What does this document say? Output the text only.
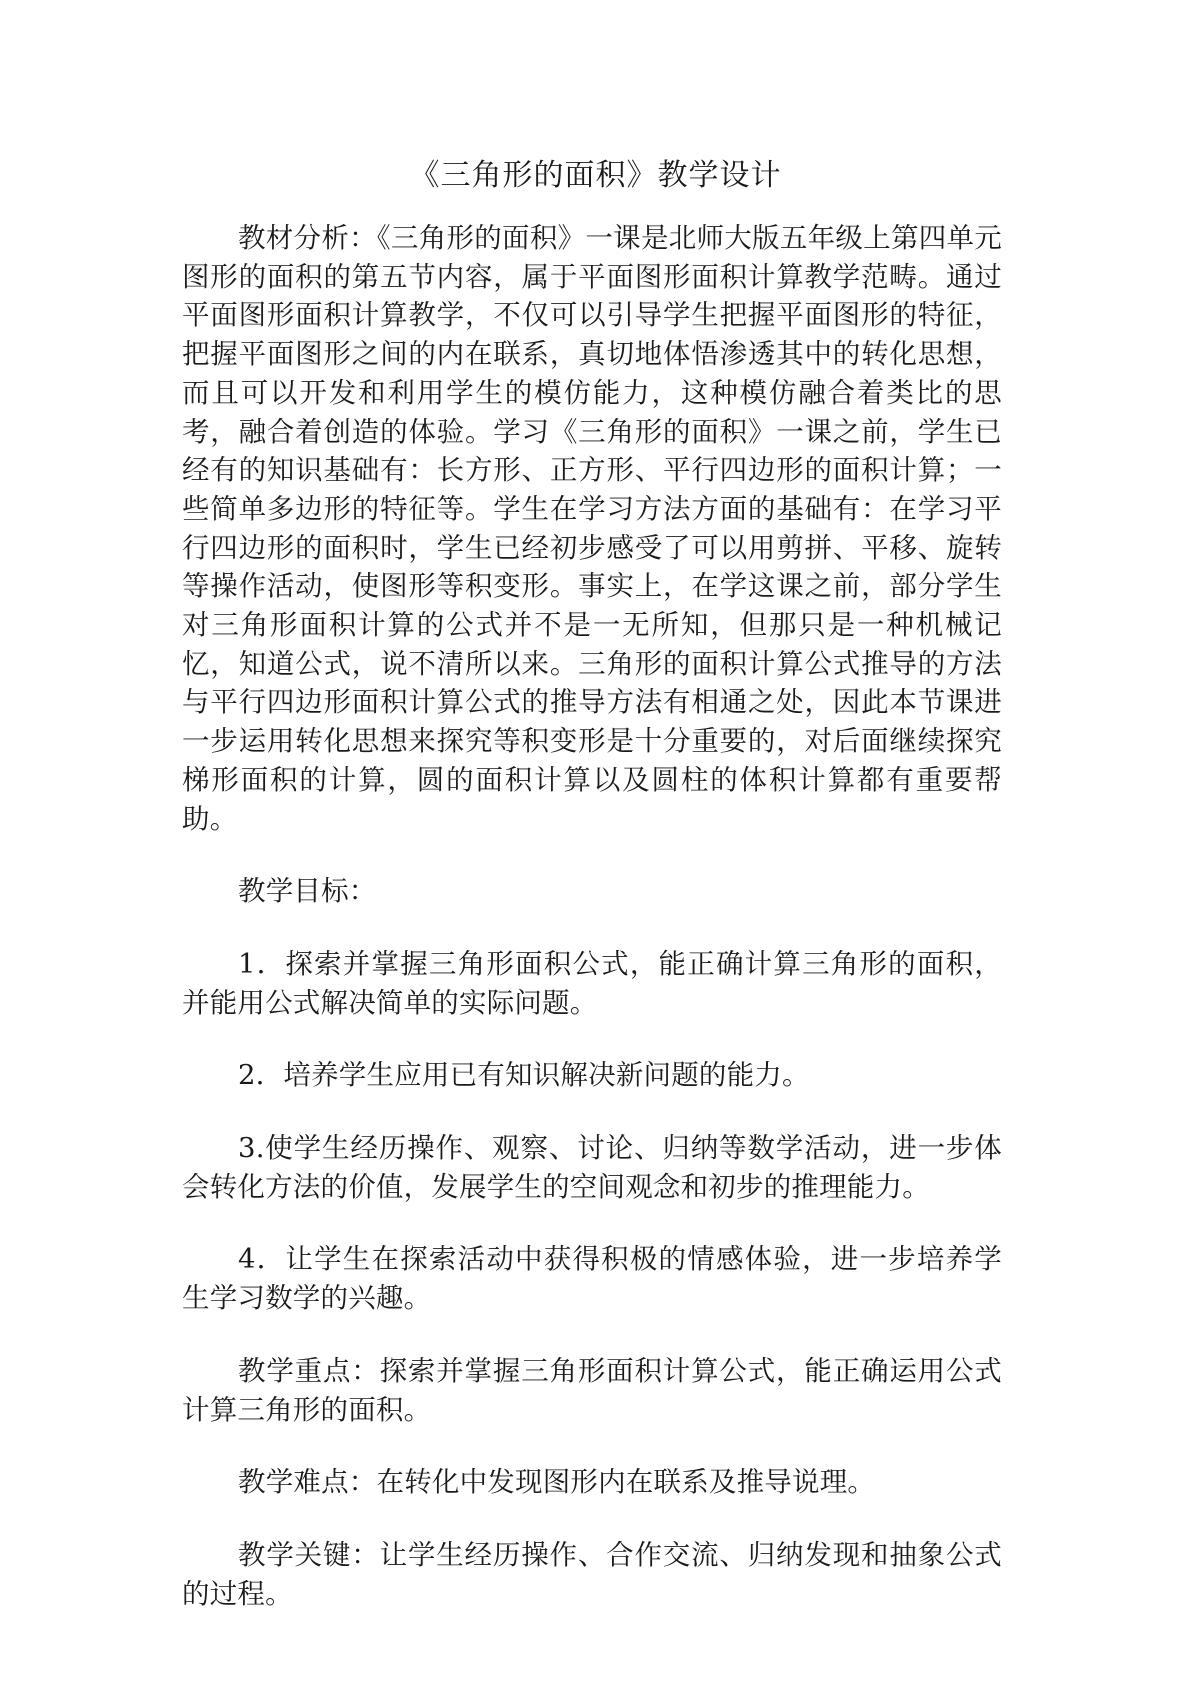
《三角形的面积》教学设计

教材分析：《三角形的面积》一课是北师大版五年级上第四单元图形的面积的第五节内容，属于平面图形面积计算教学范畴。通过平面图形面积计算教学，不仅可以引导学生把握平面图形的特征，把握平面图形之间的内在联系，真切地体悟渗透其中的转化思想，而且可以开发和利用学生的模仿能力，这种模仿融合着类比的思考，融合着创造的体验。学习《三角形的面积》一课之前，学生已经有的知识基础有：长方形、正方形、平行四边形的面积计算；一些简单多边形的特征等。学生在学习方法方面的基础有：在学习平行四边形的面积时，学生已经初步感受了可以用剪拼、平移、旋转等操作活动，使图形等积变形。事实上，在学这课之前，部分学生对三角形面积计算的公式并不是一无所知，但那只是一种机械记忆，知道公式，说不清所以来。三角形的面积计算公式推导的方法与平行四边形面积计算公式的推导方法有相通之处，因此本节课进一步运用转化思想来探究等积变形是十分重要的，对后面继续探究梯形面积的计算，圆的面积计算以及圆柱的体积计算都有重要帮助。

教学目标：

1．探索并掌握三角形面积公式，能正确计算三角形的面积，并能用公式解决简单的实际问题。

2．培养学生应用已有知识解决新问题的能力。

3.使学生经历操作、观察、讨论、归纳等数学活动，进一步体会转化方法的价值，发展学生的空间观念和初步的推理能力。

4．让学生在探索活动中获得积极的情感体验，进一步培养学生学习数学的兴趣。

教学重点：探索并掌握三角形面积计算公式，能正确运用公式计算三角形的面积。

教学难点：在转化中发现图形内在联系及推导说理。

教学关键：让学生经历操作、合作交流、归纳发现和抽象公式的过程。
